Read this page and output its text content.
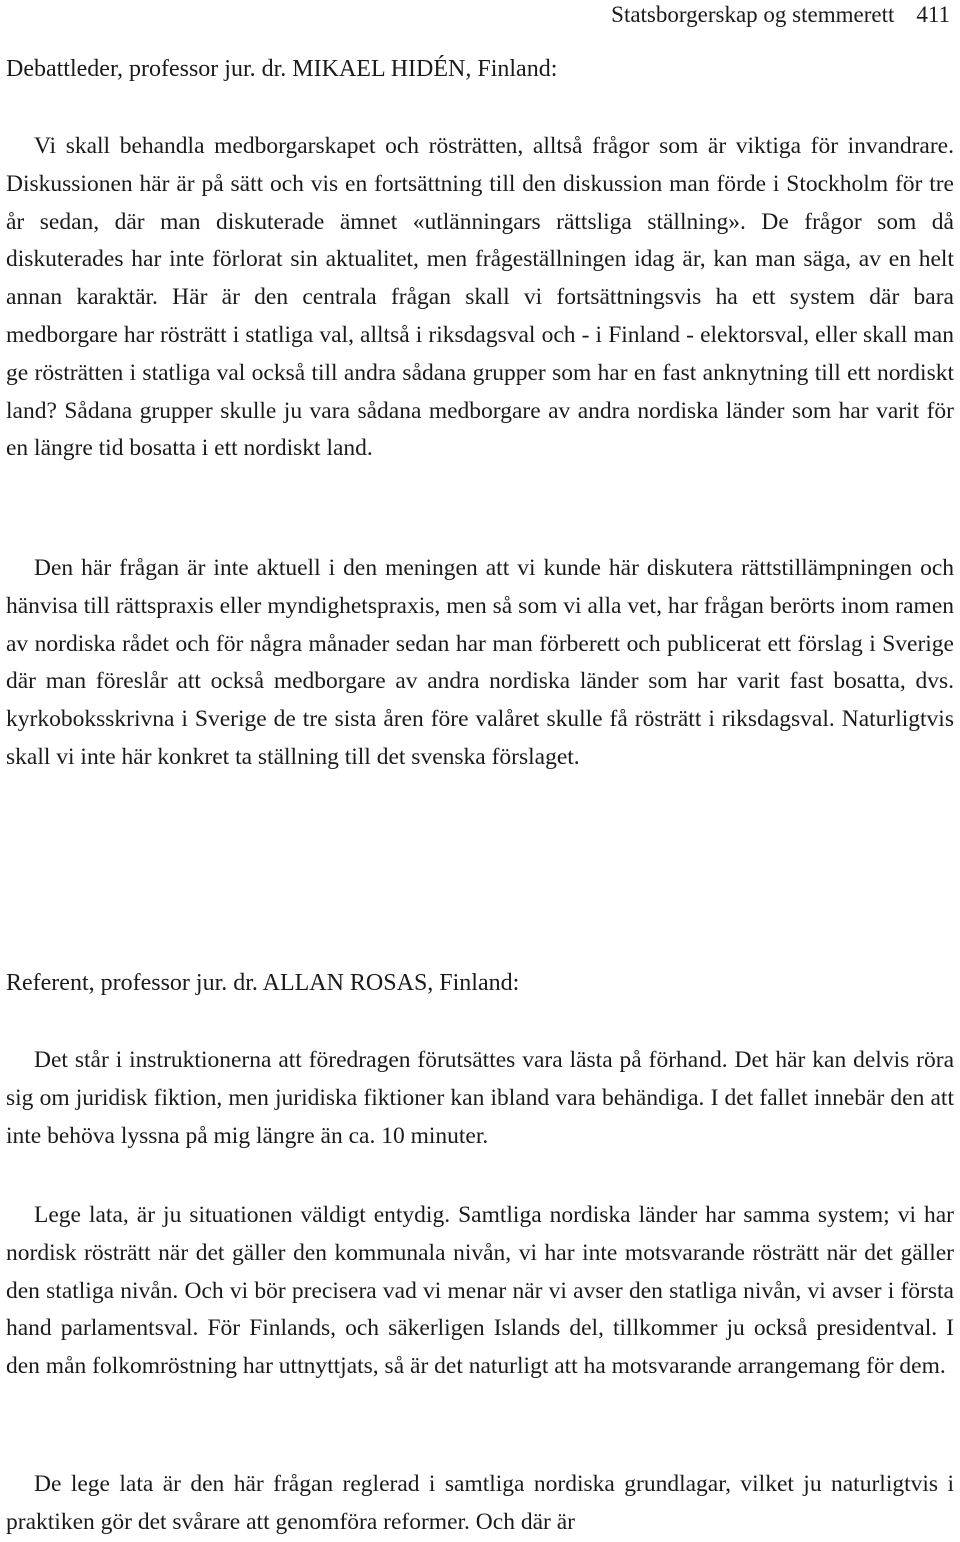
Statsborgerskap og stemmerett 411
Debattleder, professor jur. dr. MIKAEL HIDÉN, Finland:

Vi skall behandla medborgarskapet och rösträtten, alltså frågor som är viktiga för invandrare. Diskussionen här är på sätt och vis en fortsättning till den diskussion man förde i Stockholm för tre år sedan, där man diskuterade ämnet «utlänningars rättsliga ställning». De frågor som då diskuterades har inte förlorat sin aktualitet, men frågeställningen idag är, kan man säga, av en helt annan karaktär. Här är den centrala frågan skall vi fortsättningsvis ha ett system där bara medborgare har rösträtt i statliga val, alltså i riksdagsval och - i Finland - elektorsval, eller skall man ge rösträtten i statliga val också till andra sådana grupper som har en fast anknytning till ett nordiskt land? Sådana grupper skulle ju vara sådana medborgare av andra nordiska länder som har varit för en längre tid bosatta i ett nordiskt land.

Den här frågan är inte aktuell i den meningen att vi kunde här diskutera rättstillämpningen och hänvisa till rättspraxis eller myndighetspraxis, men så som vi alla vet, har frågan berörts inom ramen av nordiska rådet och för några månader sedan har man förberett och publicerat ett förslag i Sverige där man föreslår att också medborgare av andra nordiska länder som har varit fast bosatta, dvs. kyrkoboksskrivna i Sverige de tre sista åren före valåret skulle få rösträtt i riksdagsval. Naturligtvis skall vi inte här konkret ta ställning till det svenska förslaget.

Referent, professor jur. dr. ALLAN ROSAS, Finland:

Det står i instruktionerna att föredragen förutsättes vara lästa på förhand. Det här kan delvis röra sig om juridisk fiktion, men juridiska fiktioner kan ibland vara behändiga. I det fallet innebär den att inte behöva lyssna på mig längre än ca. 10 minuter.

Lege lata, är ju situationen väldigt entydig. Samtliga nordiska länder har samma system; vi har nordisk rösträtt när det gäller den kommunala nivån, vi har inte motsvarande rösträtt när det gäller den statliga nivån. Och vi bör precisera vad vi menar när vi avser den statliga nivån, vi avser i första hand parlamentsval. För Finlands, och säkerligen Islands del, tillkommer ju också presidentval. I den mån folkomröstning har uttnyttjats, så är det naturligt att ha motsvarande arrangemang för dem.

De lege lata är den här frågan reglerad i samtliga nordiska grundlagar, vilket ju naturligtvis i praktiken gör det svårare att genomföra reformer. Och där är
